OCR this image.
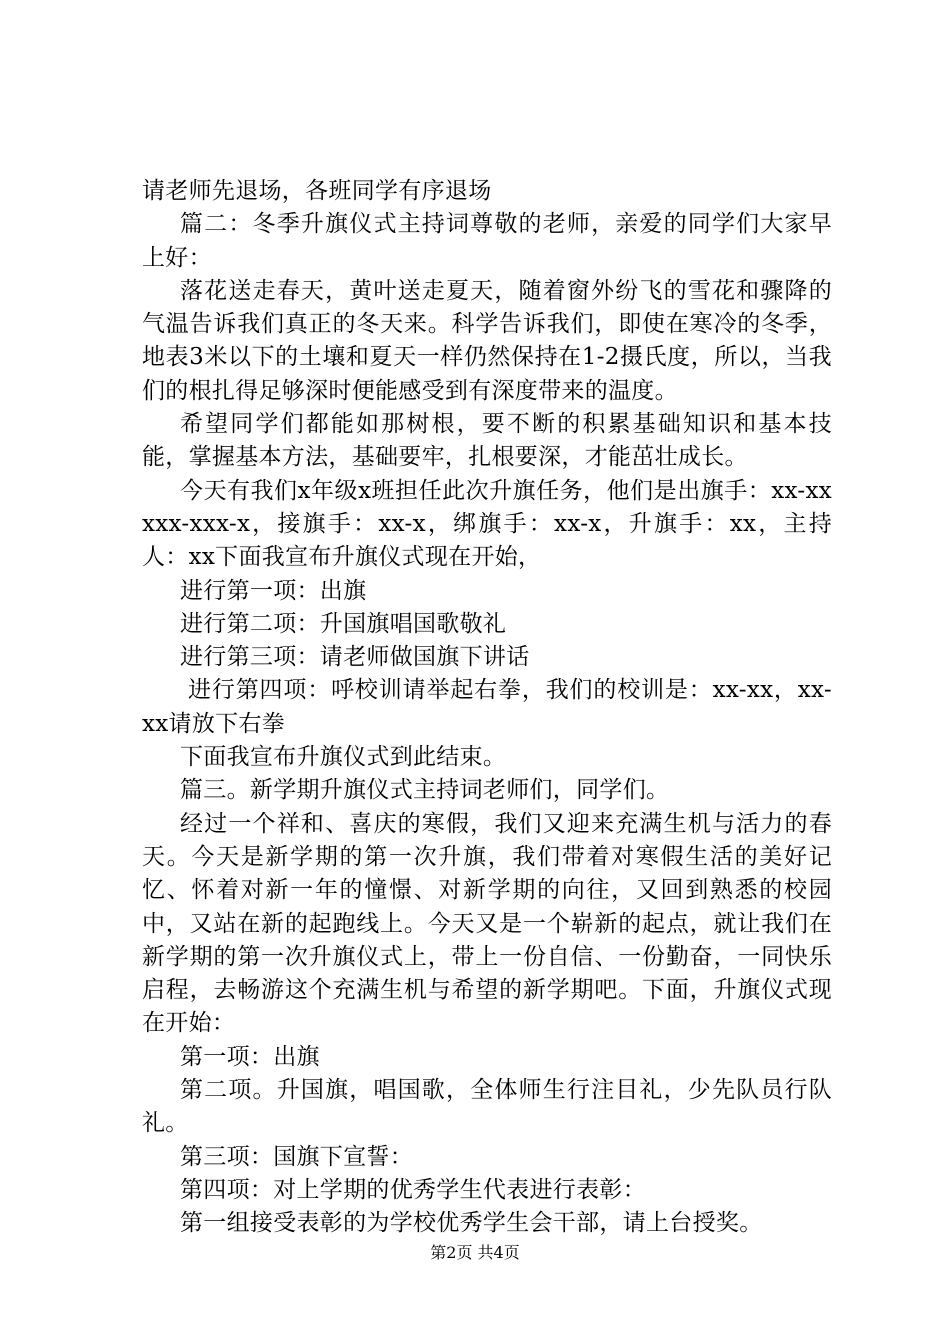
请老师先退场，各班同学有序退场

篇二：冬季升旗仪式主持词尊敬的老师，亲爱的同学们大家早上好：

落花送走春天，黄叶送走夏天，随着窗外纷飞的雪花和骤降的气温告诉我们真正的冬天来。科学告诉我们，即使在寒冷的冬季，地表3米以下的土壤和夏天一样仍然保持在1-2摄氏度，所以，当我们的根扎得足够深时便能感受到有深度带来的温度。

希望同学们都能如那树根，要不断的积累基础知识和基本技能，掌握基本方法，基础要牢，扎根要深，才能茁壮成长。

今天有我们x年级x班担任此次升旗任务，他们是出旗手：xx-xxxxx-xxx-x，接旗手：xx-x，绑旗手：xx-x，升旗手：xx，主持人：xx下面我宣布升旗仪式现在开始，

进行第一项：出旗

进行第二项：升国旗唱国歌敬礼

进行第三项：请老师做国旗下讲话

进行第四项：呼校训请举起右拳，我们的校训是：xx-xx，xx-xx请放下右拳

下面我宣布升旗仪式到此结束。

篇三。新学期升旗仪式主持词老师们，同学们。

经过一个祥和、喜庆的寒假，我们又迎来充满生机与活力的春天。今天是新学期的第一次升旗，我们带着对寒假生活的美好记忆、怀着对新一年的憧憬、对新学期的向往，又回到熟悉的校园中，又站在新的起跑线上。今天又是一个崭新的起点，就让我们在新学期的第一次升旗仪式上，带上一份自信、一份勤奋，一同快乐启程，去畅游这个充满生机与希望的新学期吧。下面，升旗仪式现在开始：

第一项：出旗

第二项。升国旗，唱国歌，全体师生行注目礼，少先队员行队礼。

第三项：国旗下宣誓：

第四项：对上学期的优秀学生代表进行表彰：

第一组接受表彰的为学校优秀学生会干部，请上台授奖。

第2页 共4页
